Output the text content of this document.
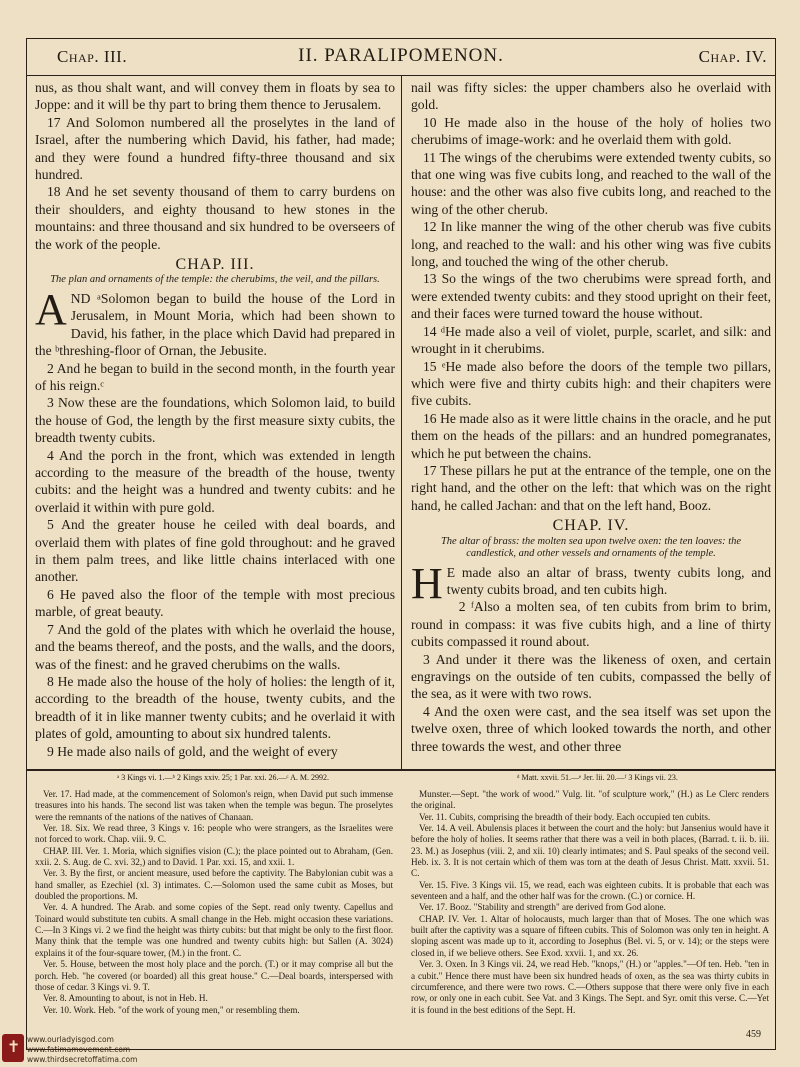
Chap. III.	II. PARALIPOMENON.	Chap. IV.

nus, as thou shalt want, and will convey them in floats by sea to Joppe: and it will be thy part to bring them thence to Jerusalem.

17 And Solomon numbered all the proselytes in the land of Israel, after the numbering which David, his father, had made; and they were found a hundred fifty-three thousand and six hundred.

18 And he set seventy thousand of them to carry burdens on their shoulders, and eighty thousand to hew stones in the mountains: and three thousand and six hundred to be overseers of the work of the people.

CHAP. III.
The plan and ornaments of the temple: the cherubims, the veil, and the pillars.

AND ᵃSolomon began to build the house of the Lord in Jerusalem, in Mount Moria, which had been shown to David, his father, in the place which David had prepared in the ᵇthreshing-floor of Ornan, the Jebusite.

2 And he began to build in the second month, in the fourth year of his reign.ᶜ

3 Now these are the foundations, which Solomon laid, to build the house of God, the length by the first measure sixty cubits, the breadth twenty cubits.

4 And the porch in the front, which was extended in length according to the measure of the breadth of the house, twenty cubits: and the height was a hundred and twenty cubits: and he overlaid it within with pure gold.

5 And the greater house he ceiled with deal boards, and overlaid them with plates of fine gold throughout: and he graved in them palm trees, and like little chains interlaced with one another.

6 He paved also the floor of the temple with most precious marble, of great beauty.

7 And the gold of the plates with which he overlaid the house, and the beams thereof, and the posts, and the walls, and the doors, was of the finest: and he graved cherubims on the walls.

8 He made also the house of the holy of holies: the length of it, according to the breadth of the house, twenty cubits, and the breadth of it in like manner twenty cubits; and he overlaid it with plates of gold, amounting to about six hundred talents.

9 He made also nails of gold, and the weight of every

nail was fifty sicles: the upper chambers also he overlaid with gold.

10 He made also in the house of the holy of holies two cherubims of image-work: and he overlaid them with gold.

11 The wings of the cherubims were extended twenty cubits, so that one wing was five cubits long, and reached to the wall of the house: and the other was also five cubits long, and reached to the wing of the other cherub.

12 In like manner the wing of the other cherub was five cubits long, and reached to the wall: and his other wing was five cubits long, and touched the wing of the other cherub.

13 So the wings of the two cherubims were spread forth, and were extended twenty cubits: and they stood upright on their feet, and their faces were turned toward the house without.

14 ᵈHe made also a veil of violet, purple, scarlet, and silk: and wrought in it cherubims.

15 ᵉHe made also before the doors of the temple two pillars, which were five and thirty cubits high: and their chapiters were five cubits.

16 He made also as it were little chains in the oracle, and he put them on the heads of the pillars: and an hundred pomegranates, which he put between the chains.

17 These pillars he put at the entrance of the temple, one on the right hand, and the other on the left: that which was on the right hand, he called Jachan: and that on the left hand, Booz.

CHAP. IV.
The altar of brass: the molten sea upon twelve oxen: the ten loaves: the candlestick, and other vessels and ornaments of the temple.

H E made also an altar of brass, twenty cubits long, and twenty cubits broad, and ten cubits high.

2 ᶠAlso a molten sea, of ten cubits from brim to brim, round in compass: it was five cubits high, and a line of thirty cubits compassed it round about.

3 And under it there was the likeness of oxen, and certain engravings on the outside of ten cubits, compassed the belly of the sea, as it were with two rows.

4 And the oxen were cast, and the sea itself was set upon the twelve oxen, three of which looked towards the north, and other three towards the west, and other three

ᵃ 3 Kings vi. 1.—ᵇ 2 Kings xxiv. 25; 1 Par. xxi. 26.—ᶜ A. M. 2992.	ᵈ Matt. xxvii. 51.—ᵉ Jer. lii. 20.—ᶠ 3 Kings vii. 23.

Ver. 17. Had made, at the commencement of Solomon's reign, when David put such immense treasures into his hands. The second list was taken when the temple was begun. The proselytes were the remnants of the nations of the natives of Chanaan.

Ver. 18. Six. We read three, 3 Kings v. 16: people who were strangers, as the Israelites were not forced to work. Chap. viii. 9. C.

CHAP. III. Ver. 1. Moria, which signifies vision (C.); the place pointed out to Abraham, (Gen. xxii. 2. S. Aug. de C. xvi. 32,) and to David. 1 Par. xxi. 15, and xxii. 1.

Ver. 3. By the first, or ancient measure, used before the captivity. The Babylonian cubit was a hand smaller, as Ezechiel (xl. 3) intimates. C.—Solomon used the same cubit as Moses, but doubled the proportions. M.

Ver. 4. A hundred. The Arab. and some copies of the Sept. read only twenty. Capellus and Toinard would substitute ten cubits. A small change in the Heb. might occasion these variations. C.—In 3 Kings vi. 2 we find the height was thirty cubits: but that might be only to the first floor. Many think that the temple was one hundred and twenty cubits high: but Sallen (A. 3024) explains it of the four-square tower, (M.) in the front. C.

Ver. 5. House, between the most holy place and the porch. (T.) or it may comprise all but the porch. Heb. "he covered (or boarded) all this great house." C.—Deal boards, interspersed with those of cedar. 3 Kings vi. 9. T.

Ver. 8. Amounting to about, is not in Heb. H.

Ver. 10. Work. Heb. "of the work of young men," or resembling them.

Munster.—Sept. "the work of wood." Vulg. lit. "of sculpture work," (H.) as Le Clerc renders the original.

Ver. 11. Cubits, comprising the breadth of their body. Each occupied ten cubits.

Ver. 14. A veil. Abulensis places it between the court and the holy: but Jansenius would have it before the holy of holies. It seems rather that there was a veil in both places, (Barrad. t. ii. b. iii. 23. M.) as Josephus (viii. 2, and xii. 10) clearly intimates; and S. Paul speaks of the second veil. Heb. ix. 3. It is not certain which of them was torn at the death of Jesus Christ. Matt. xxvii. 51. C.

Ver. 15. Five. 3 Kings vii. 15, we read, each was eighteen cubits. It is probable that each was seventeen and a half, and the other half was for the crown. (C.) or cornice. H.

Ver. 17. Booz. "Stability and strength" are derived from God alone.

CHAP. IV. Ver. 1. Altar of holocausts, much larger than that of Moses. The one which was built after the captivity was a square of fifteen cubits. This of Solomon was only ten in height. A sloping ascent was made up to it, according to Josephus (Bel. vi. 5, or v. 14); or the steps were closed in, if we believe others. See Exod. xxvii. 1, and xx. 26.

Ver. 3. Oxen. In 3 Kings vii. 24, we read Heb. "knops," (H.) or "apples."—Of ten. Heb. "ten in a cubit." Hence there must have been six hundred heads of oxen, as the sea was thirty cubits in circumference, and there were two rows. C.—Others suppose that there were only five in each row, or only one in each cubit. See Vat. and 3 Kings. The Sept. and Syr. omit this verse. C.—Yet it is found in the best editions of the Sept. H.

459
✝ www.ourladyisgod.com
www.fatimamovement.com
www.thirdsecretoffatima.com
